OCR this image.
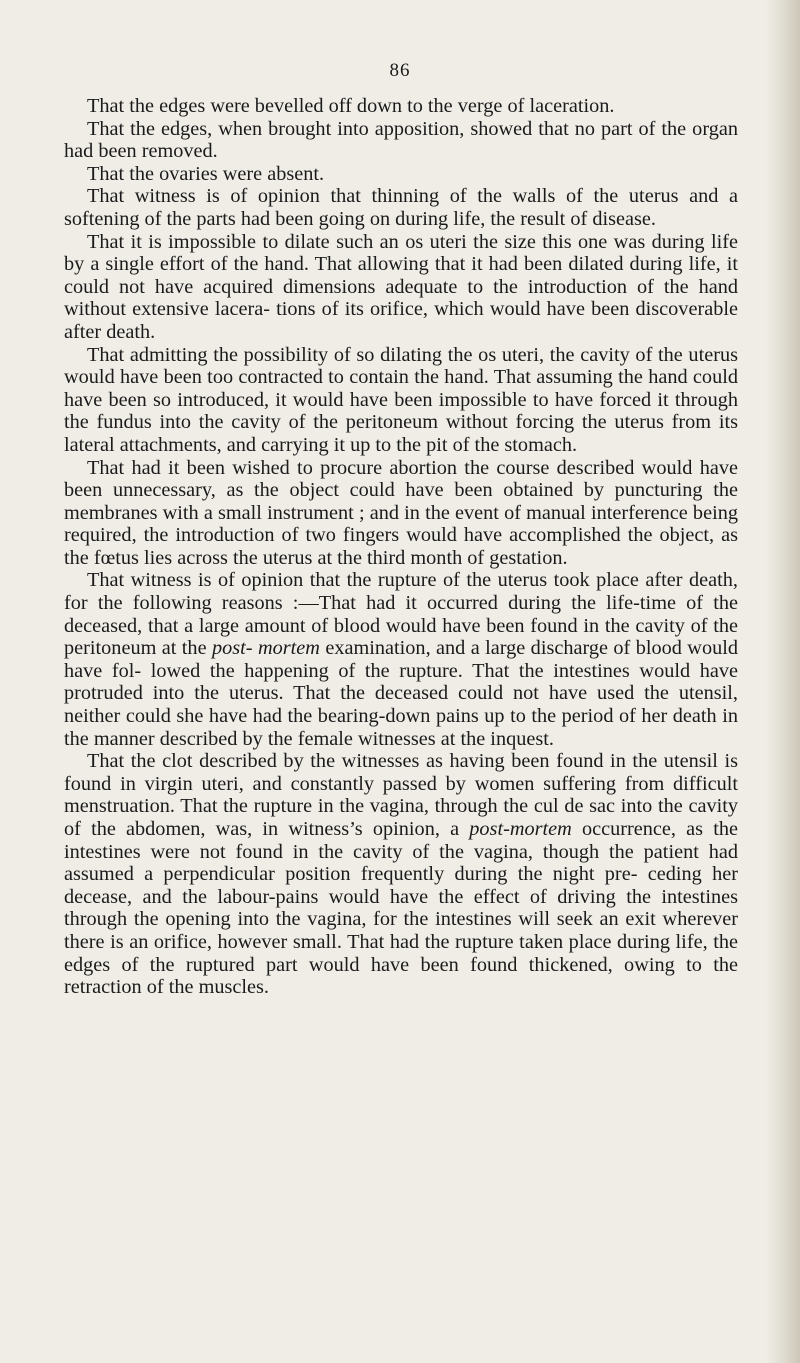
86

That the edges were bevelled off down to the verge of laceration.

That the edges, when brought into apposition, showed that no part of the organ had been removed.

That the ovaries were absent.

That witness is of opinion that thinning of the walls of the uterus and a softening of the parts had been going on during life, the result of disease.

That it is impossible to dilate such an os uteri the size this one was during life by a single effort of the hand. That allowing that it had been dilated during life, it could not have acquired dimensions adequate to the introduction of the hand without extensive lacera- tions of its orifice, which would have been discoverable after death.

That admitting the possibility of so dilating the os uteri, the cavity of the uterus would have been too contracted to contain the hand. That assuming the hand could have been so introduced, it would have been impossible to have forced it through the fundus into the cavity of the peritoneum without forcing the uterus from its lateral attachments, and carrying it up to the pit of the stomach.

That had it been wished to procure abortion the course described would have been unnecessary, as the object could have been obtained by puncturing the membranes with a small instrument ; and in the event of manual interference being required, the introduction of two fingers would have accomplished the object, as the fœtus lies across the uterus at the third month of gestation.

That witness is of opinion that the rupture of the uterus took place after death, for the following reasons :—That had it occurred during the life-time of the deceased, that a large amount of blood would have been found in the cavity of the peritoneum at the post- mortem examination, and a large discharge of blood would have fol- lowed the happening of the rupture. That the intestines would have protruded into the uterus. That the deceased could not have used the utensil, neither could she have had the bearing-down pains up to the period of her death in the manner described by the female witnesses at the inquest.

That the clot described by the witnesses as having been found in the utensil is found in virgin uteri, and constantly passed by women suffering from difficult menstruation. That the rupture in the vagina, through the cul de sac into the cavity of the abdomen, was, in witness’s opinion, a post-mortem occurrence, as the intestines were not found in the cavity of the vagina, though the patient had assumed a perpendicular position frequently during the night pre- ceding her decease, and the labour-pains would have the effect of driving the intestines through the opening into the vagina, for the intestines will seek an exit wherever there is an orifice, however small. That had the rupture taken place during life, the edges of the ruptured part would have been found thickened, owing to the retraction of the muscles.
